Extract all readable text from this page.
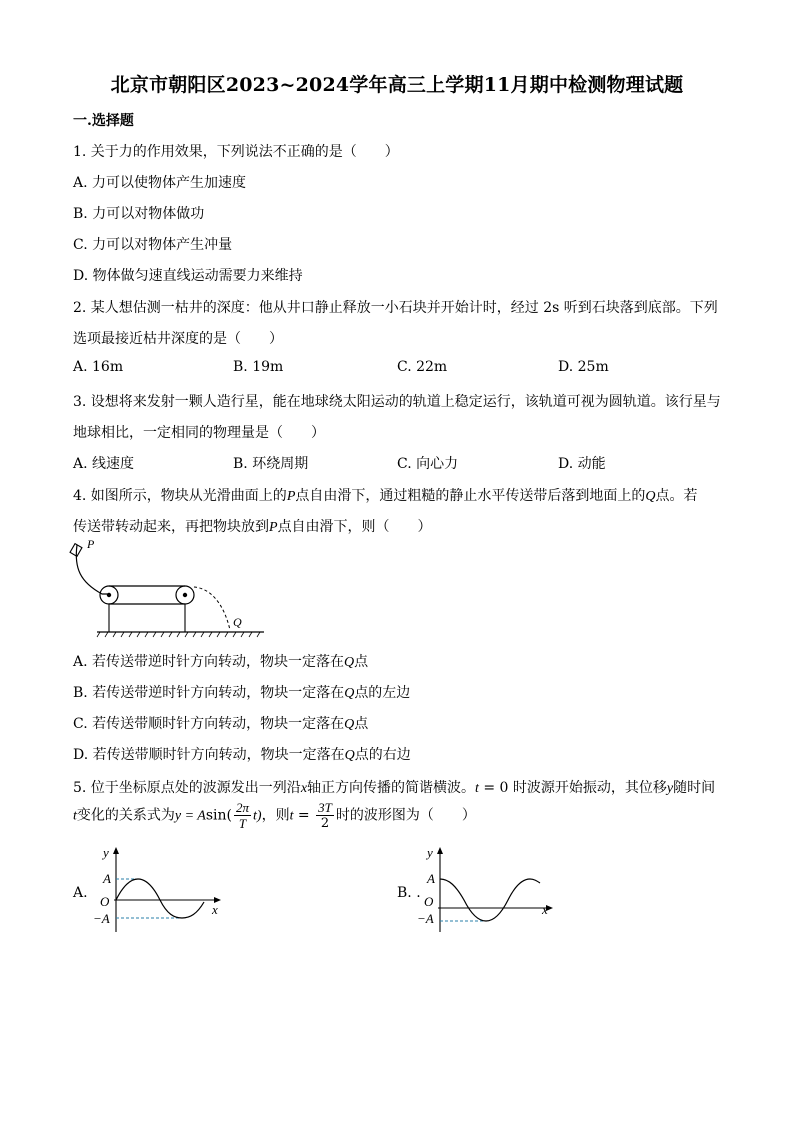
北京市朝阳区2023~2024学年高三上学期11月期中检测物理试题
一.选择题
1. 关于力的作用效果，下列说法不正确的是（　　）
A. 力可以使物体产生加速度
B. 力可以对物体做功
C. 力可以对物体产生冲量
D. 物体做匀速直线运动需要力来维持
2. 某人想估测一枯井的深度：他从井口静止释放一小石块并开始计时，经过 2s 听到石块落到底部。下列
选项最接近枯井深度的是（　　）
A. 16m	B. 19m	C. 22m	D. 25m
3. 设想将来发射一颗人造行星，能在地球绕太阳运动的轨道上稳定运行，该轨道可视为圆轨道。该行星与
地球相比，一定相同的物理量是（　　）
A. 线速度	B. 环绕周期	C. 向心力	D. 动能
4. 如图所示，物块从光滑曲面上的P点自由滑下，通过粗糙的静止水平传送带后落到地面上的Q点。若
传送带转动起来，再把物块放到P点自由滑下，则（　　）
P
Q
A. 若传送带逆时针方向转动，物块一定落在Q点
B. 若传送带逆时针方向转动，物块一定落在Q点的左边
C. 若传送带顺时针方向转动，物块一定落在Q点
D. 若传送带顺时针方向转动，物块一定落在Q点的右边
5. 位于坐标原点处的波源发出一列沿x轴正方向传播的简谐横波。t = 0 时波源开始振动，其位移y随时间
t变化的关系式为$y = Asin( \frac{2\pi}{T} t)$，则$t = \frac{3T}{2}$ 时的波形图为（　　）
A.
y
A
O
−A
x
B. .
y
A
O
−A
x
